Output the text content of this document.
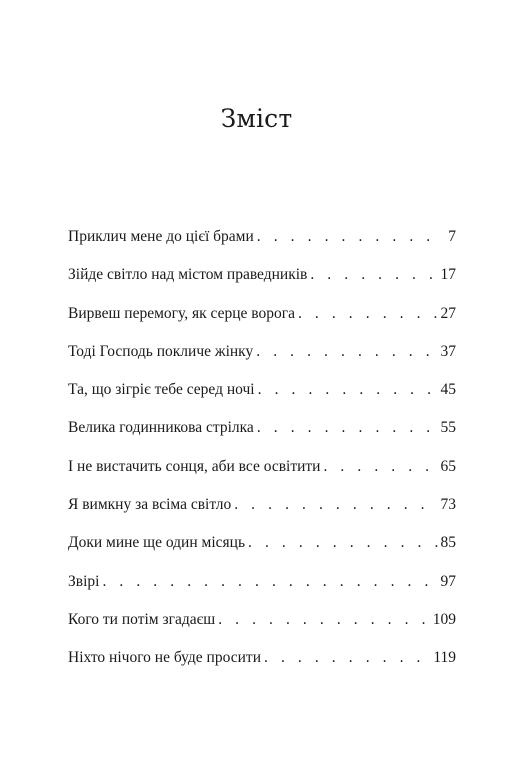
Зміст
Приклич мене до цієї брами . . .	7
Зійде світло над містом праведників . . .	17
Вирвеш перемогу, як серце ворога . . .	27
Тоді Господь покличе жінку . . .	37
Та, що зігріє тебе серед ночі . . .	45
Велика годинникова стрілка . . .	55
І не вистачить сонця, аби все освітити . . .	65
Я вимкну за всіма світло . . .	73
Доки мине ще один місяць . . .	85
Звірі . . .	97
Кого ти потім згадаєш . . .	109
Ніхто нічого не буде просити . . .	119
